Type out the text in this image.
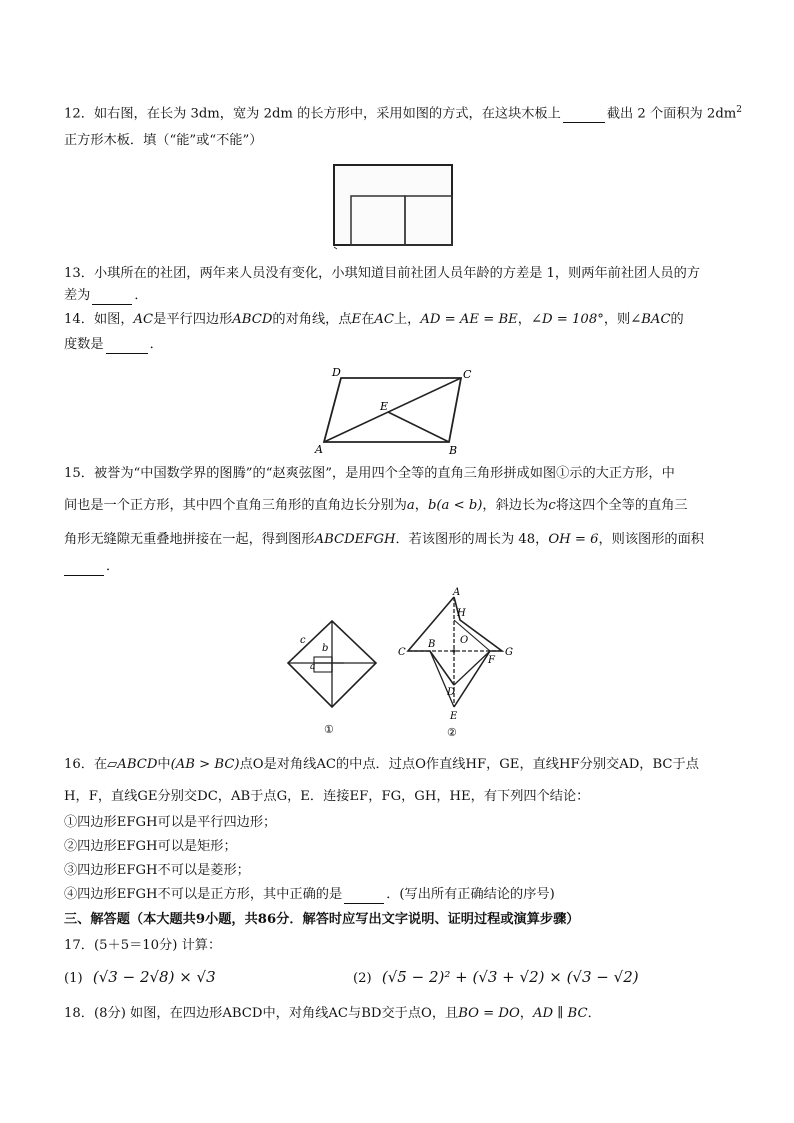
12．如右图，在长为 3dm，宽为 2dm 的长方形中，采用如图的方式，在这块木板上	截出 2 个面积为 $2dm^2$
正方形木板．填（“能”或“不能”）
13．小琪所在的社团，两年来人员没有变化，小琪知道目前社团人员年龄的方差是 1，则两年前社团人员的方
差为	．
14．如图，AC是平行四边形ABCD的对角线，点E在AC上，AD = AE = BE，∠D = 108°，则∠BAC的
度数是	．
D	C
A	B
E
15．被誉为“中国数学界的图腾”的“赵爽弦图”，是用四个全等的直角三角形拼成如图①示的大正方形，中
间也是一个正方形，其中四个直角三角形的直角边长分别为a，b(a < b)，斜边长为c将这四个全等的直角三
角形无缝隙无重叠地拼接在一起，得到图形ABCDEFGH．若该图形的周长为 48，OH = 6，则该图形的面积
．
c
b
a
①
A
H
O
B
C
F
G
D
E
②
16．在▱ABCD中(AB > BC)点O是对角线AC的中点．过点O作直线HF，GE，直线HF分别交AD，BC于点
H，F，直线GE分别交DC，AB于点G，E．连接EF，FG，GH，HE，有下列四个结论：
①四边形EFGH可以是平行四边形；
②四边形EFGH可以是矩形；
③四边形EFGH不可以是菱形；
④四边形EFGH不可以是正方形，其中正确的是	．(写出所有正确结论的序号)
三、解答题（本大题共9小题，共86分．解答时应写出文字说明、证明过程或演算步骤）
17．(5＋5＝10分) 计算：
(1) (√3 − 2√8) × √3	(2) (√5 − 2)² + (√3 + √2) × (√3 − √2)
18．(8分) 如图，在四边形ABCD中，对角线AC与BD交于点O，且BO = DO，AD ∥ BC．
